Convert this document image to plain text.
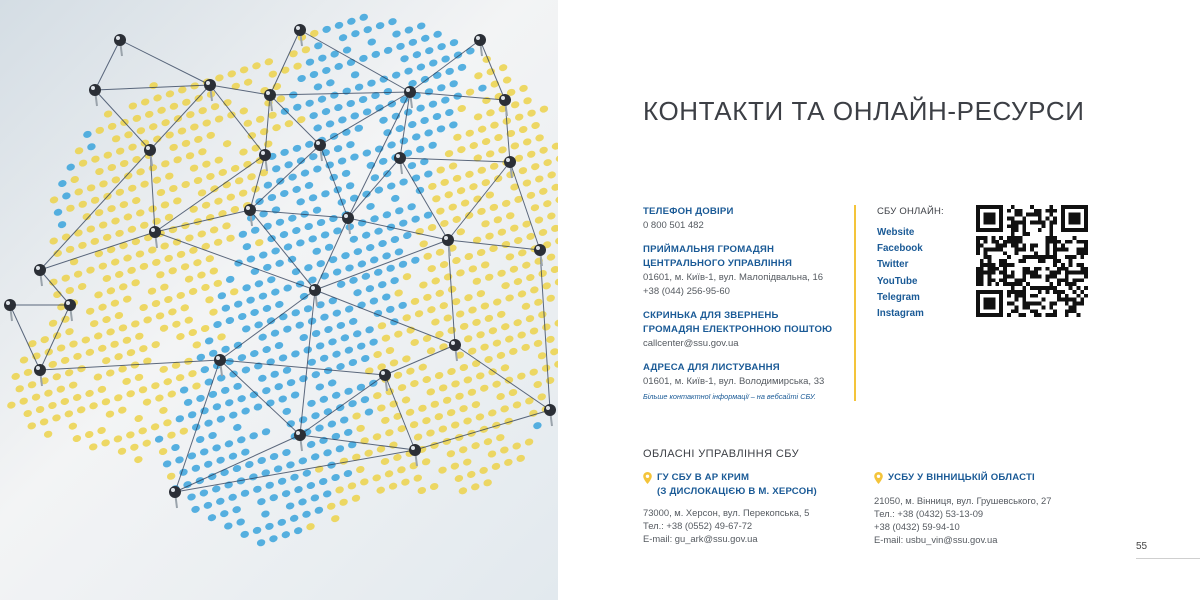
КОНТАКТИ ТА ОНЛАЙН-РЕСУРСИ
ТЕЛЕФОН ДОВІРИ
0 800 501 482
ПРИЙМАЛЬНЯ ГРОМАДЯН
ЦЕНТРАЛЬНОГО УПРАВЛІННЯ
01601, м. Київ-1, вул. Малопідвальна, 16
+38 (044) 256-95-60
СКРИНЬКА ДЛЯ ЗВЕРНЕНЬ
ГРОМАДЯН ЕЛЕКТРОННОЮ ПОШТОЮ
callcenter@ssu.gov.ua
АДРЕСА ДЛЯ ЛИСТУВАННЯ
01601, м. Київ-1, вул. Володимирська, 33
Більше контактної інформації – на вебсайті СБУ.
СБУ ОНЛАЙН:
Website
Facebook
Twitter
YouTube
Telegram
Instagram
ОБЛАСНІ УПРАВЛІННЯ СБУ
ГУ СБУ В АР КРИМ
(З ДИСЛОКАЦІЄЮ В М. ХЕРСОН)
73000, м. Херсон, вул. Перекопська, 5
Тел.: +38 (0552) 49-67-72
E-mail: gu_ark@ssu.gov.ua
УСБУ У ВІННИЦЬКІЙ ОБЛАСТІ
21050, м. Вінниця, вул. Грушевського, 27
Тел.: +38 (0432) 53-13-09
+38 (0432) 59-94-10
E-mail: usbu_vin@ssu.gov.ua
55
